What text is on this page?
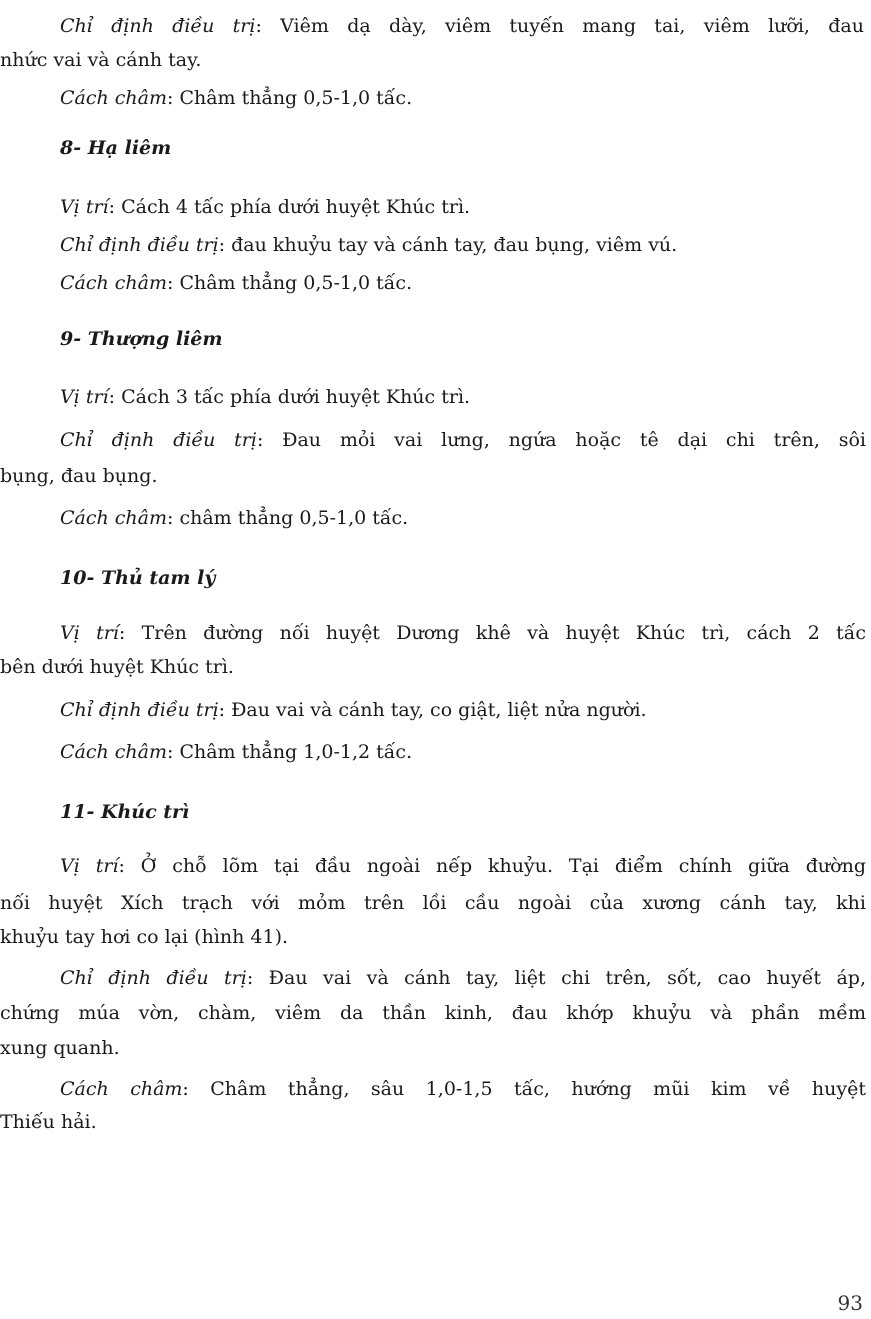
Chỉ định điều trị: Viêm dạ dày, viêm tuyến mang tai, viêm lưỡi, đau
nhức vai và cánh tay.
Cách châm: Châm thẳng 0,5-1,0 tấc.
8- Hạ liêm
Vị trí: Cách 4 tấc phía dưới huyệt Khúc trì.
Chỉ định điều trị: đau khuỷu tay và cánh tay, đau bụng, viêm vú.
Cách châm: Châm thẳng 0,5-1,0 tấc.
9- Thượng liêm
Vị trí: Cách 3 tấc phía dưới huyệt Khúc trì.
Chỉ định điều trị: Đau mỏi vai lưng, ngứa hoặc tê dại chi trên, sôi
bụng, đau bụng.
Cách châm: châm thẳng 0,5-1,0 tấc.
10- Thủ tam lý
Vị trí: Trên đường nối huyệt Dương khê và huyệt Khúc trì, cách 2 tấc
bên dưới huyệt Khúc trì.
Chỉ định điều trị: Đau vai và cánh tay, co giật, liệt nửa người.
Cách châm: Châm thẳng 1,0-1,2 tấc.
11- Khúc trì
Vị trí: Ở chỗ lõm tại đầu ngoài nếp khuỷu. Tại điểm chính giữa đường
nối huyệt Xích trạch với mỏm trên lồi cầu ngoài của xương cánh tay, khi
khuỷu tay hơi co lại (hình 41).
Chỉ định điều trị: Đau vai và cánh tay, liệt chi trên, sốt, cao huyết áp,
chứng múa vờn, chàm, viêm da thần kinh, đau khớp khuỷu và phần mềm
xung quanh.
Cách châm: Châm thẳng, sâu 1,0-1,5 tấc, hướng mũi kim về huyệt
Thiếu hải.
93
